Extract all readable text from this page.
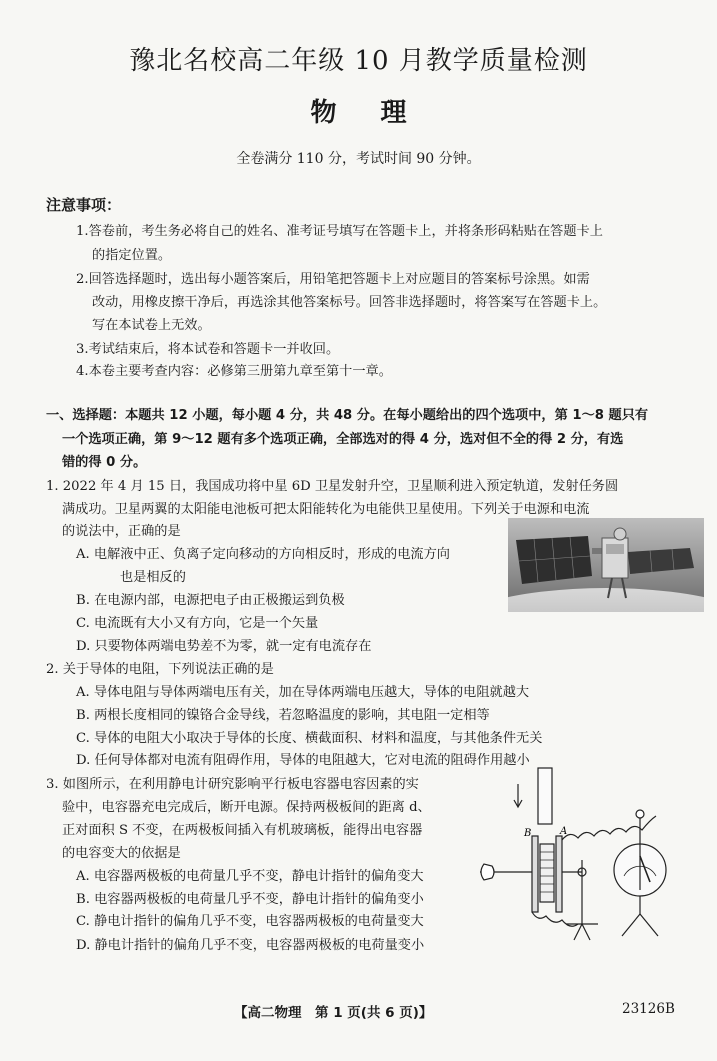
豫北名校高二年级 10 月教学质量检测
物 理
全卷满分 110 分，考试时间 90 分钟。
注意事项：
1.答卷前，考生务必将自己的姓名、准考证号填写在答题卡上，并将条形码粘贴在答题卡上
的指定位置。
2.回答选择题时，选出每小题答案后，用铅笔把答题卡上对应题目的答案标号涂黑。如需
改动，用橡皮擦干净后，再选涂其他答案标号。回答非选择题时，将答案写在答题卡上。
写在本试卷上无效。
3.考试结束后，将本试卷和答题卡一并收回。
4.本卷主要考查内容：必修第三册第九章至第十一章。
一、选择题：本题共 12 小题，每小题 4 分，共 48 分。在每小题给出的四个选项中，第 1～8 题只有
一个选项正确，第 9～12 题有多个选项正确，全部选对的得 4 分，选对但不全的得 2 分，有选
错的得 0 分。
1. 2022 年 4 月 15 日，我国成功将中星 6D 卫星发射升空，卫星顺利进入预定轨道，发射任务圆
满成功。卫星两翼的太阳能电池板可把太阳能转化为电能供卫星使用。下列关于电源和电流
的说法中，正确的是
A. 电解液中正、负离子定向移动的方向相反时，形成的电流方向
也是相反的
B. 在电源内部，电源把电子由正极搬运到负极
C. 电流既有大小又有方向，它是一个矢量
D. 只要物体两端电势差不为零，就一定有电流存在
2. 关于导体的电阻，下列说法正确的是
A. 导体电阻与导体两端电压有关，加在导体两端电压越大，导体的电阻就越大
B. 两根长度相同的镍铬合金导线，若忽略温度的影响，其电阻一定相等
C. 导体的电阻大小取决于导体的长度、横截面积、材料和温度，与其他条件无关
D. 任何导体都对电流有阻碍作用，导体的电阻越大，它对电流的阻碍作用越小
3. 如图所示，在利用静电计研究影响平行板电容器电容因素的实
验中，电容器充电完成后，断开电源。保持两极板间的距离 d、
正对面积 S 不变，在两极板间插入有机玻璃板，能得出电容器
的电容变大的依据是
A. 电容器两极板的电荷量几乎不变，静电计指针的偏角变大
B. 电容器两极板的电荷量几乎不变，静电计指针的偏角变小
C. 静电计指针的偏角几乎不变，电容器两极板的电荷量变大
D. 静电计指针的偏角几乎不变，电容器两极板的电荷量变小
B	A
【高二物理　第 1 页(共 6 页)】	23126B
